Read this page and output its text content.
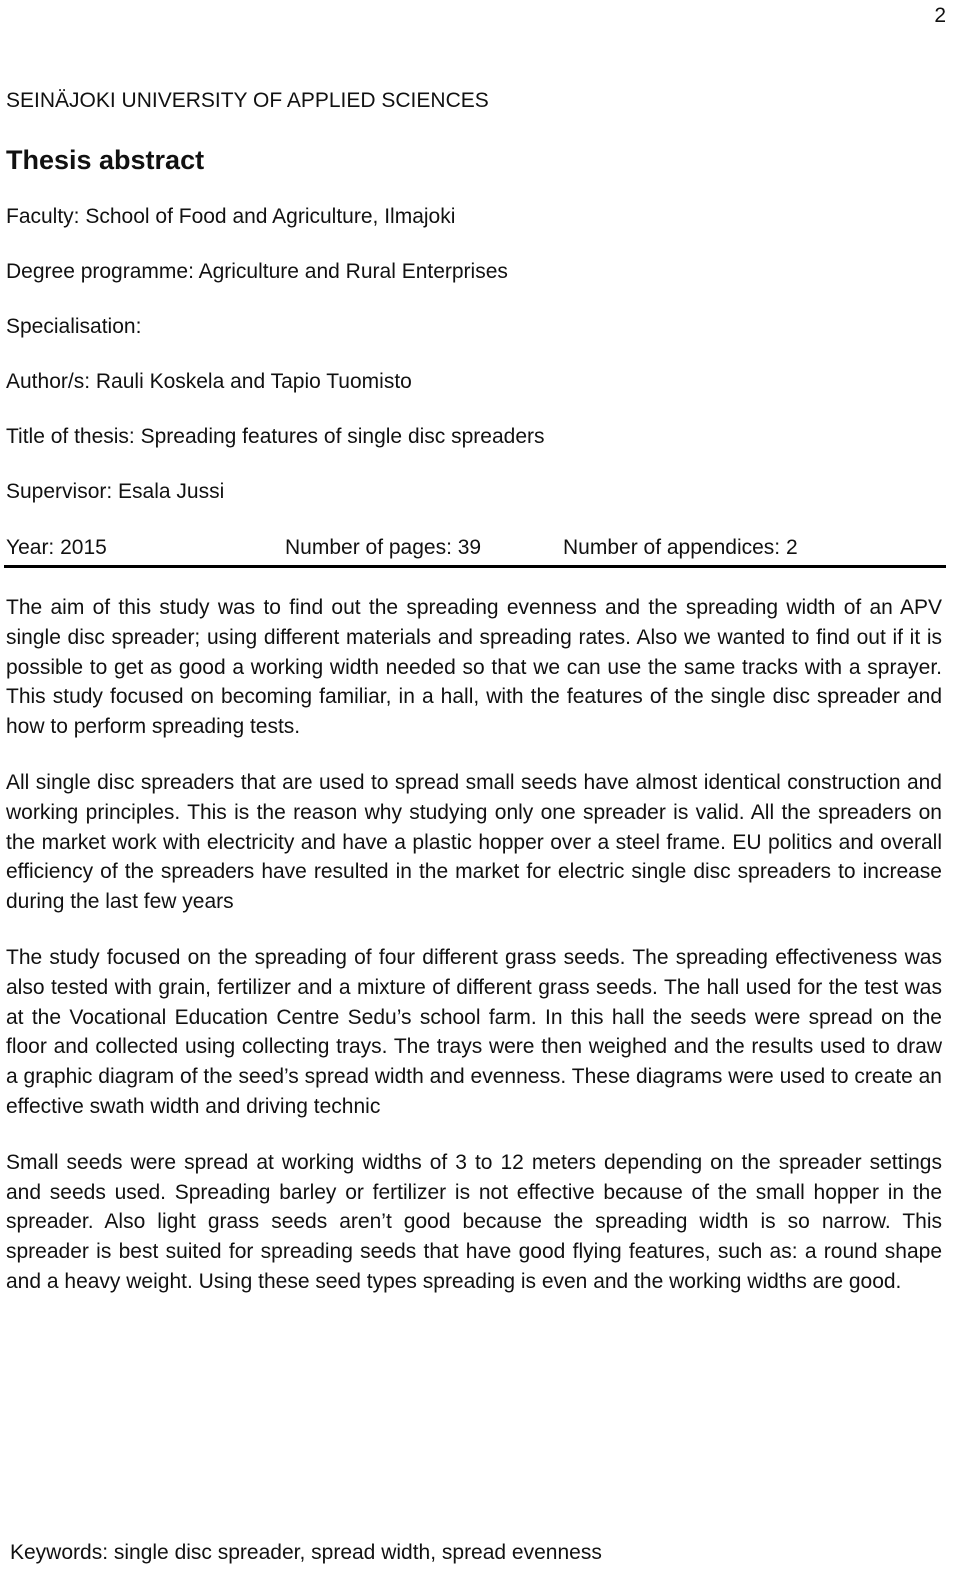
2
SEINÄJOKI UNIVERSITY OF APPLIED SCIENCES
Thesis abstract
Faculty: School of Food and Agriculture, Ilmajoki
Degree programme: Agriculture and Rural Enterprises
Specialisation:
Author/s: Rauli Koskela and Tapio Tuomisto
Title of thesis: Spreading features of single disc spreaders
Supervisor: Esala Jussi
Year: 2015	Number of pages: 39	Number of appendices: 2

The aim of this study was to find out the spreading evenness and the spreading width of an APV single disc spreader; using different materials and spreading rates. Also we wanted to find out if it is possible to get as good a working width needed so that we can use the same tracks with a sprayer. This study focused on becoming familiar, in a hall, with the features of the single disc spreader and how to perform spreading tests.

All single disc spreaders that are used to spread small seeds have almost identical construction and working principles. This is the reason why studying only one spreader is valid. All the spreaders on the market work with electricity and have a plastic hopper over a steel frame. EU politics and overall efficiency of the spreaders have resulted in the market for electric single disc spreaders to increase during the last few years

The study focused on the spreading of four different grass seeds. The spreading effectiveness was also tested with grain, fertilizer and a mixture of different grass seeds. The hall used for the test was at the Vocational Education Centre Sedu’s school farm. In this hall the seeds were spread on the floor and collected using collecting trays. The trays were then weighed and the results used to draw a graphic diagram of the seed’s spread width and evenness. These diagrams were used to create an effective swath width and driving technic

Small seeds were spread at working widths of 3 to 12 meters depending on the spreader settings and seeds used. Spreading barley or fertilizer is not effective because of the small hopper in the spreader. Also light grass seeds aren’t good because the spreading width is so narrow. This spreader is best suited for spreading seeds that have good flying features, such as: a round shape and a heavy weight. Using these seed types spreading is even and the working widths are good.

Keywords: single disc spreader, spread width, spread evenness
